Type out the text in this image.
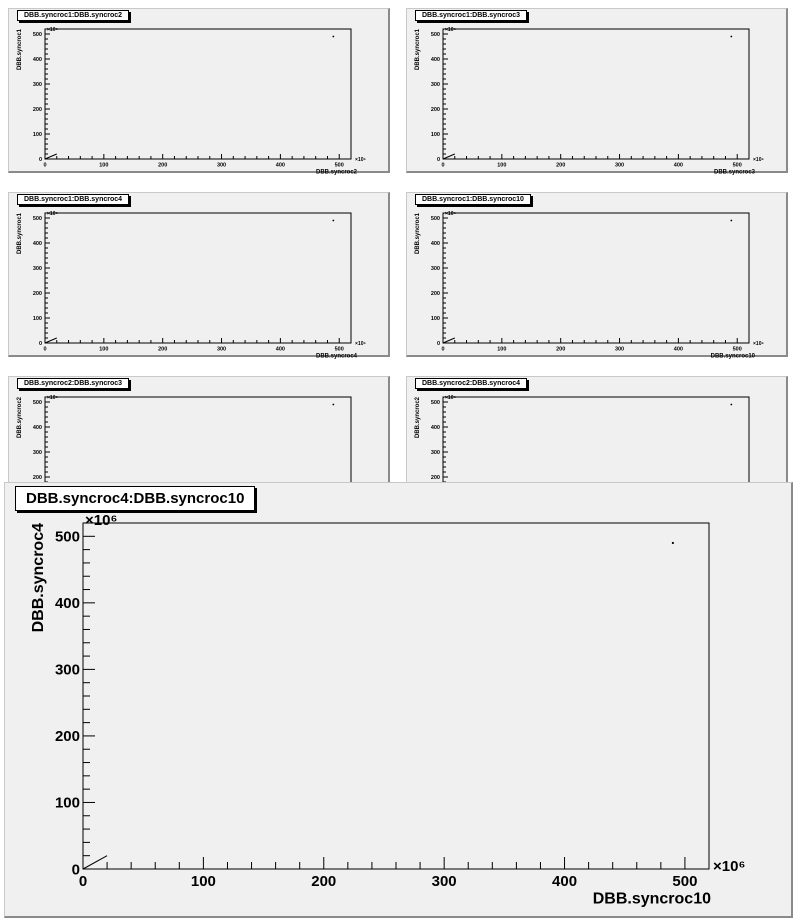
0
100
200
300
400
500
0	100	200	300	400	500
×10⁶
×10⁶
DBB.syncroc2
DBB.syncroc1
DBB.syncroc1:DBB.syncroc2
0
100
200
300
400
500
0	100	200	300	400	500
×10⁶
×10⁶
DBB.syncroc3
DBB.syncroc1
DBB.syncroc1:DBB.syncroc3
0
100
200
300
400
500
0	100	200	300	400	500
×10⁶
×10⁶
DBB.syncroc4
DBB.syncroc1
DBB.syncroc1:DBB.syncroc4
0
100
200
300
400
500
0	100	200	300	400	500
×10⁶
×10⁶
DBB.syncroc10
DBB.syncroc1
DBB.syncroc1:DBB.syncroc10
200
300
400
500
×10⁶
DBB.syncroc2
DBB.syncroc2:DBB.syncroc3
200
300
400
500
×10⁶
DBB.syncroc2
DBB.syncroc2:DBB.syncroc4
0
100
200
300
400
500
0	100	200	300	400	500
×10⁶
×10⁶
DBB.syncroc10
DBB.syncroc4
DBB.syncroc4:DBB.syncroc10
